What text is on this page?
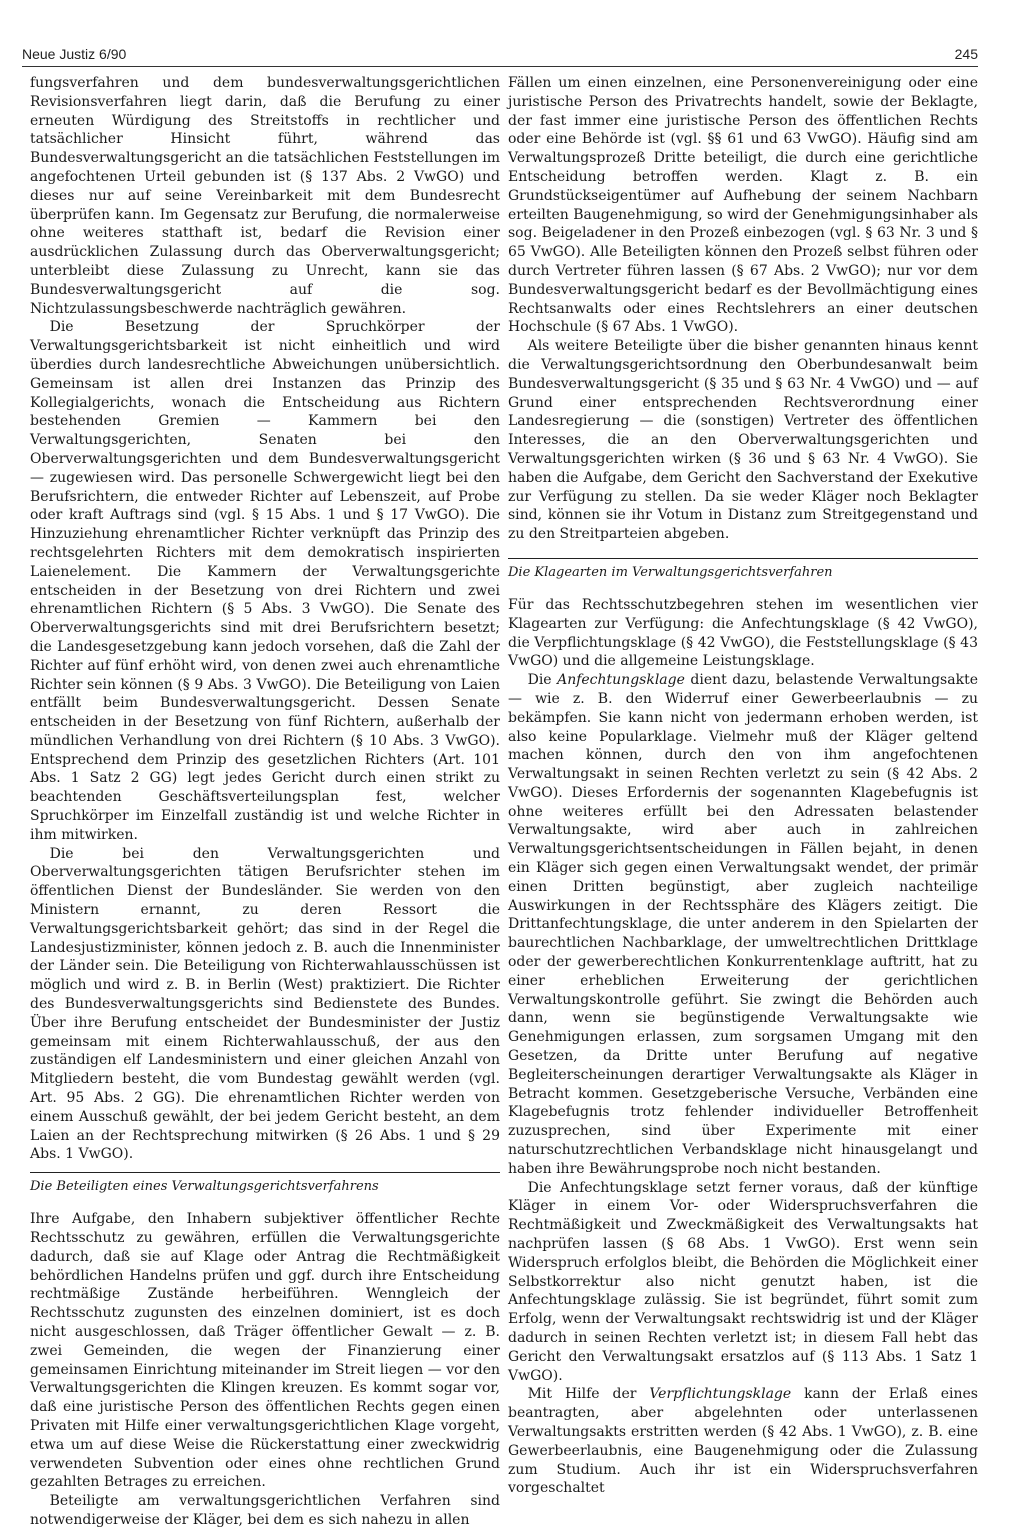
Neue Justiz 6/90	245

fungsverfahren und dem bundesverwaltungsgerichtlichen Revisionsverfahren liegt darin, daß die Berufung zu einer erneuten Würdigung des Streitstoffs in rechtlicher und tatsächlicher Hinsicht führt, während das Bundesverwaltungsgericht an die tatsächlichen Feststellungen im angefochtenen Urteil gebunden ist (§ 137 Abs. 2 VwGO) und dieses nur auf seine Vereinbarkeit mit dem Bundesrecht überprüfen kann. Im Gegensatz zur Berufung, die normalerweise ohne weiteres statthaft ist, bedarf die Revision einer ausdrücklichen Zulassung durch das Oberverwaltungsgericht; unterbleibt diese Zulassung zu Unrecht, kann sie das Bundesverwaltungsgericht auf die sog. Nichtzulassungsbeschwerde nachträglich gewähren.

Die Besetzung der Spruchkörper der Verwaltungsgerichtsbarkeit ist nicht einheitlich und wird überdies durch landesrechtliche Abweichungen unübersichtlich. Gemeinsam ist allen drei Instanzen das Prinzip des Kollegialgerichts, wonach die Entscheidung aus Richtern bestehenden Gremien — Kammern bei den Verwaltungsgerichten, Senaten bei den Oberverwaltungsgerichten und dem Bundesverwaltungsgericht — zugewiesen wird. Das personelle Schwergewicht liegt bei den Berufsrichtern, die entweder Richter auf Lebenszeit, auf Probe oder kraft Auftrags sind (vgl. § 15 Abs. 1 und § 17 VwGO). Die Hinzuziehung ehrenamtlicher Richter verknüpft das Prinzip des rechtsgelehrten Richters mit dem demokratisch inspirierten Laienelement. Die Kammern der Verwaltungsgerichte entscheiden in der Besetzung von drei Richtern und zwei ehrenamtlichen Richtern (§ 5 Abs. 3 VwGO). Die Senate des Oberverwaltungsgerichts sind mit drei Berufsrichtern besetzt; die Landesgesetzgebung kann jedoch vorsehen, daß die Zahl der Richter auf fünf erhöht wird, von denen zwei auch ehrenamtliche Richter sein können (§ 9 Abs. 3 VwGO). Die Beteiligung von Laien entfällt beim Bundesverwaltungsgericht. Dessen Senate entscheiden in der Besetzung von fünf Richtern, außerhalb der mündlichen Verhandlung von drei Richtern (§ 10 Abs. 3 VwGO). Entsprechend dem Prinzip des gesetzlichen Richters (Art. 101 Abs. 1 Satz 2 GG) legt jedes Gericht durch einen strikt zu beachtenden Geschäftsverteilungsplan fest, welcher Spruchkörper im Einzelfall zuständig ist und welche Richter in ihm mitwirken.

Die bei den Verwaltungsgerichten und Oberverwaltungsgerichten tätigen Berufsrichter stehen im öffentlichen Dienst der Bundesländer. Sie werden von den Ministern ernannt, zu deren Ressort die Verwaltungsgerichtsbarkeit gehört; das sind in der Regel die Landesjustizminister, können jedoch z. B. auch die Innenminister der Länder sein. Die Beteiligung von Richterwahlausschüssen ist möglich und wird z. B. in Berlin (West) praktiziert. Die Richter des Bundesverwaltungsgerichts sind Bedienstete des Bundes. Über ihre Berufung entscheidet der Bundesminister der Justiz gemeinsam mit einem Richterwahlausschuß, der aus den zuständigen elf Landesministern und einer gleichen Anzahl von Mitgliedern besteht, die vom Bundestag gewählt werden (vgl. Art. 95 Abs. 2 GG). Die ehrenamtlichen Richter werden von einem Ausschuß gewählt, der bei jedem Gericht besteht, an dem Laien an der Rechtsprechung mitwirken (§ 26 Abs. 1 und § 29 Abs. 1 VwGO).

Die Beteiligten eines Verwaltungsgerichtsverfahrens

Ihre Aufgabe, den Inhabern subjektiver öffentlicher Rechte Rechtsschutz zu gewähren, erfüllen die Verwaltungsgerichte dadurch, daß sie auf Klage oder Antrag die Rechtmäßigkeit behördlichen Handelns prüfen und ggf. durch ihre Entscheidung rechtmäßige Zustände herbeiführen. Wenngleich der Rechtsschutz zugunsten des einzelnen dominiert, ist es doch nicht ausgeschlossen, daß Träger öffentlicher Gewalt — z. B. zwei Gemeinden, die wegen der Finanzierung einer gemeinsamen Einrichtung miteinander im Streit liegen — vor den Verwaltungsgerichten die Klingen kreuzen. Es kommt sogar vor, daß eine juristische Person des öffentlichen Rechts gegen einen Privaten mit Hilfe einer verwaltungsgerichtlichen Klage vorgeht, etwa um auf diese Weise die Rückerstattung einer zweckwidrig verwendeten Subvention oder eines ohne rechtlichen Grund gezahlten Betrages zu erreichen.

Beteiligte am verwaltungsgerichtlichen Verfahren sind notwendigerweise der Kläger, bei dem es sich nahezu in allen

Fällen um einen einzelnen, eine Personenvereinigung oder eine juristische Person des Privatrechts handelt, sowie der Beklagte, der fast immer eine juristische Person des öffentlichen Rechts oder eine Behörde ist (vgl. §§ 61 und 63 VwGO). Häufig sind am Verwaltungsprozeß Dritte beteiligt, die durch eine gerichtliche Entscheidung betroffen werden. Klagt z. B. ein Grundstückseigentümer auf Aufhebung der seinem Nachbarn erteilten Baugenehmigung, so wird der Genehmigungsinhaber als sog. Beigeladener in den Prozeß einbezogen (vgl. § 63 Nr. 3 und § 65 VwGO). Alle Beteiligten können den Prozeß selbst führen oder durch Vertreter führen lassen (§ 67 Abs. 2 VwGO); nur vor dem Bundesverwaltungsgericht bedarf es der Bevollmächtigung eines Rechtsanwalts oder eines Rechtslehrers an einer deutschen Hochschule (§ 67 Abs. 1 VwGO).

Als weitere Beteiligte über die bisher genannten hinaus kennt die Verwaltungsgerichtsordnung den Oberbundesanwalt beim Bundesverwaltungsgericht (§ 35 und § 63 Nr. 4 VwGO) und — auf Grund einer entsprechenden Rechtsverordnung einer Landesregierung — die (sonstigen) Vertreter des öffentlichen Interesses, die an den Oberverwaltungsgerichten und Verwaltungsgerichten wirken (§ 36 und § 63 Nr. 4 VwGO). Sie haben die Aufgabe, dem Gericht den Sachverstand der Exekutive zur Verfügung zu stellen. Da sie weder Kläger noch Beklagter sind, können sie ihr Votum in Distanz zum Streitgegenstand und zu den Streitparteien abgeben.

Die Klagearten im Verwaltungsgerichtsverfahren

Für das Rechtsschutzbegehren stehen im wesentlichen vier Klagearten zur Verfügung: die Anfechtungsklage (§ 42 VwGO), die Verpflichtungsklage (§ 42 VwGO), die Feststellungsklage (§ 43 VwGO) und die allgemeine Leistungsklage.

Die Anfechtungsklage dient dazu, belastende Verwaltungsakte — wie z. B. den Widerruf einer Gewerbeerlaubnis — zu bekämpfen. Sie kann nicht von jedermann erhoben werden, ist also keine Popularklage. Vielmehr muß der Kläger geltend machen können, durch den von ihm angefochtenen Verwaltungsakt in seinen Rechten verletzt zu sein (§ 42 Abs. 2 VwGO). Dieses Erfordernis der sogenannten Klagebefugnis ist ohne weiteres erfüllt bei den Adressaten belastender Verwaltungsakte, wird aber auch in zahlreichen Verwaltungsgerichtsentscheidungen in Fällen bejaht, in denen ein Kläger sich gegen einen Verwaltungsakt wendet, der primär einen Dritten begünstigt, aber zugleich nachteilige Auswirkungen in der Rechtssphäre des Klägers zeitigt. Die Drittanfechtungsklage, die unter anderem in den Spielarten der baurechtlichen Nachbarklage, der umweltrechtlichen Drittklage oder der gewerberechtlichen Konkurrentenklage auftritt, hat zu einer erheblichen Erweiterung der gerichtlichen Verwaltungskontrolle geführt. Sie zwingt die Behörden auch dann, wenn sie begünstigende Verwaltungsakte wie Genehmigungen erlassen, zum sorgsamen Umgang mit den Gesetzen, da Dritte unter Berufung auf negative Begleiterscheinungen derartiger Verwaltungsakte als Kläger in Betracht kommen. Gesetzgeberische Versuche, Verbänden eine Klagebefugnis trotz fehlender individueller Betroffenheit zuzusprechen, sind über Experimente mit einer naturschutzrechtlichen Verbandsklage nicht hinausgelangt und haben ihre Bewährungsprobe noch nicht bestanden.

Die Anfechtungsklage setzt ferner voraus, daß der künftige Kläger in einem Vor- oder Widerspruchsverfahren die Rechtmäßigkeit und Zweckmäßigkeit des Verwaltungsakts hat nachprüfen lassen (§ 68 Abs. 1 VwGO). Erst wenn sein Widerspruch erfolglos bleibt, die Behörden die Möglichkeit einer Selbstkorrektur also nicht genutzt haben, ist die Anfechtungsklage zulässig. Sie ist begründet, führt somit zum Erfolg, wenn der Verwaltungsakt rechtswidrig ist und der Kläger dadurch in seinen Rechten verletzt ist; in diesem Fall hebt das Gericht den Verwaltungsakt ersatzlos auf (§ 113 Abs. 1 Satz 1 VwGO).

Mit Hilfe der Verpflichtungsklage kann der Erlaß eines beantragten, aber abgelehnten oder unterlassenen Verwaltungsakts erstritten werden (§ 42 Abs. 1 VwGO), z. B. eine Gewerbeerlaubnis, eine Baugenehmigung oder die Zulassung zum Studium. Auch ihr ist ein Widerspruchsverfahren vorgeschaltet
